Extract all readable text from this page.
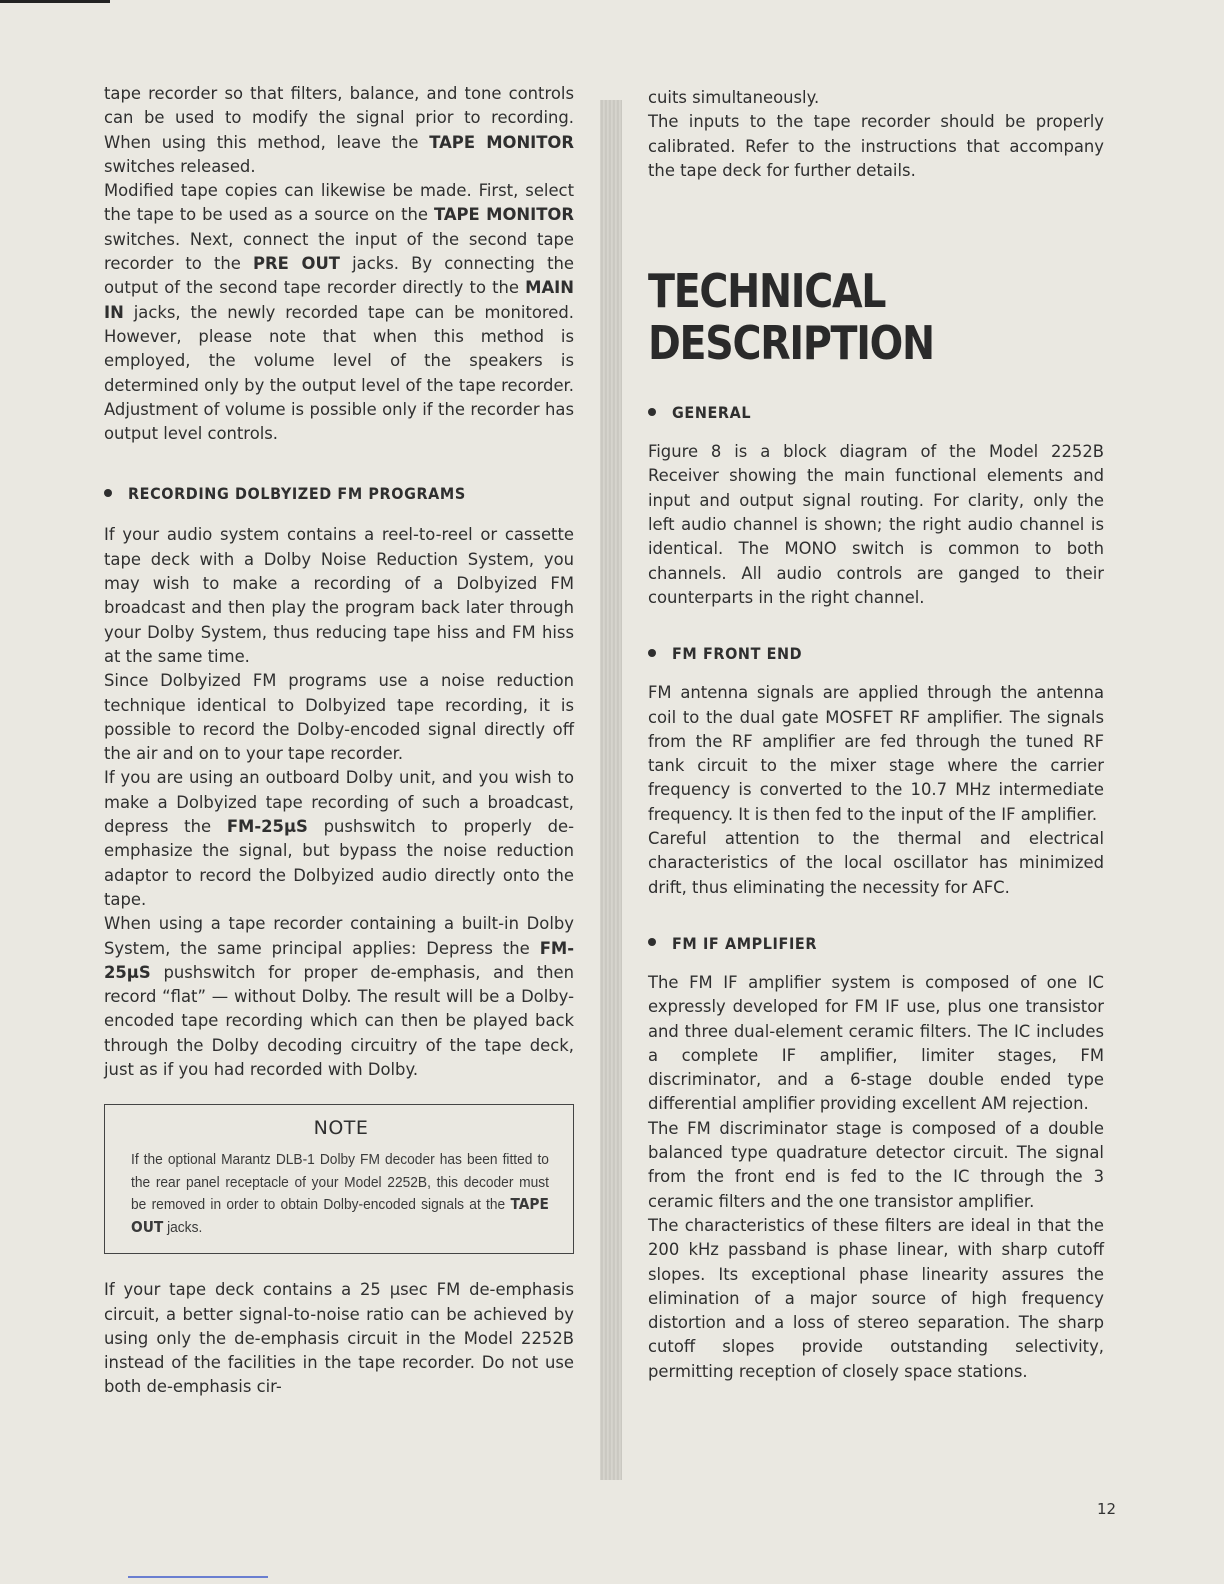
tape recorder so that filters, balance, and tone controls can be used to modify the signal prior to recording. When using this method, leave the TAPE MONITOR switches released.

Modified tape copies can likewise be made. First, select the tape to be used as a source on the TAPE MONITOR switches. Next, connect the input of the second tape recorder to the PRE OUT jacks. By connecting the output of the second tape recorder directly to the MAIN IN jacks, the newly recorded tape can be monitored. However, please note that when this method is employed, the volume level of the speakers is determined only by the output level of the tape recorder. Adjustment of volume is possible only if the recorder has output level controls.

RECORDING DOLBYIZED FM PROGRAMS

If your audio system contains a reel-to-reel or cassette tape deck with a Dolby Noise Reduction System, you may wish to make a recording of a Dolbyized FM broadcast and then play the program back later through your Dolby System, thus reducing tape hiss and FM hiss at the same time.

Since Dolbyized FM programs use a noise reduction technique identical to Dolbyized tape recording, it is possible to record the Dolby-encoded signal directly off the air and on to your tape recorder.

If you are using an outboard Dolby unit, and you wish to make a Dolbyized tape recording of such a broadcast, depress the FM-25μS pushswitch to properly de-emphasize the signal, but bypass the noise reduction adaptor to record the Dolbyized audio directly onto the tape.

When using a tape recorder containing a built-in Dolby System, the same principal applies: Depress the FM-25μS pushswitch for proper de-emphasis, and then record “flat” — without Dolby. The result will be a Dolby-encoded tape recording which can then be played back through the Dolby decoding circuitry of the tape deck, just as if you had recorded with Dolby.

NOTE

If the optional Marantz DLB-1 Dolby FM decoder has been fitted to the rear panel receptacle of your Model 2252B, this decoder must be removed in order to obtain Dolby-encoded signals at the TAPE OUT jacks.

If your tape deck contains a 25 μsec FM de-emphasis circuit, a better signal-to-noise ratio can be achieved by using only the de-emphasis circuit in the Model 2252B instead of the facilities in the tape recorder. Do not use both de-emphasis cir-

cuits simultaneously.

The inputs to the tape recorder should be properly calibrated. Refer to the instructions that accompany the tape deck for further details.

TECHNICAL
DESCRIPTION
GENERAL

Figure 8 is a block diagram of the Model 2252B Receiver showing the main functional elements and input and output signal routing. For clarity, only the left audio channel is shown; the right audio channel is identical. The MONO switch is common to both channels. All audio controls are ganged to their counterparts in the right channel.

FM FRONT END

FM antenna signals are applied through the antenna coil to the dual gate MOSFET RF amplifier. The signals from the RF amplifier are fed through the tuned RF tank circuit to the mixer stage where the carrier frequency is converted to the 10.7 MHz intermediate frequency. It is then fed to the input of the IF amplifier.

Careful attention to the thermal and electrical characteristics of the local oscillator has minimized drift, thus eliminating the necessity for AFC.

FM IF AMPLIFIER

The FM IF amplifier system is composed of one IC expressly developed for FM IF use, plus one transistor and three dual-element ceramic filters. The IC includes a complete IF amplifier, limiter stages, FM discriminator, and a 6-stage double ended type differential amplifier providing excellent AM rejection.

The FM discriminator stage is composed of a double balanced type quadrature detector circuit. The signal from the front end is fed to the IC through the 3 ceramic filters and the one transistor amplifier.

The characteristics of these filters are ideal in that the 200 kHz passband is phase linear, with sharp cutoff slopes. Its exceptional phase linearity assures the elimination of a major source of high frequency distortion and a loss of stereo separation. The sharp cutoff slopes provide outstanding selectivity, permitting reception of closely space stations.

12
